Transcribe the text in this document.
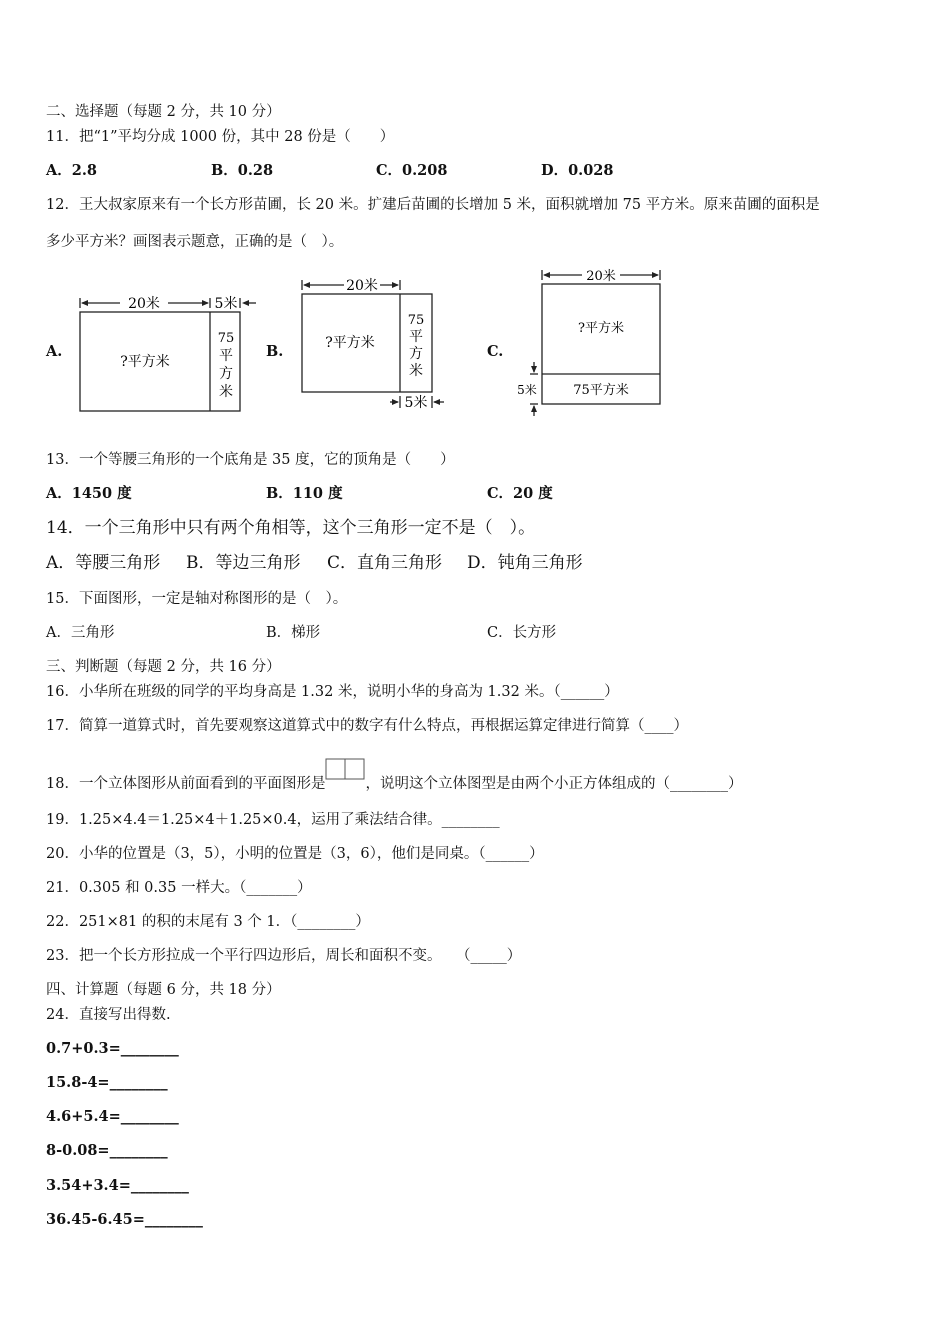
二、选择题（每题 2 分，共 10 分）
11．把“1”平均分成 1000 份，其中 28 份是（　　）
A．2.8	B．0.28	C．0.208	D．0.028
12．王大叔家原来有一个长方形苗圃，长 20 米。扩建后苗圃的长增加 5 米，面积就增加 75 平方米。原来苗圃的面积是
多少平方米？画图表示题意，正确的是（　）。
A.	B.	C.
20米	5米
?平方米
75
平
方
米
20米
5米
?平方米
75
平
方
米
20米
?平方米
75平方米
5米
13．一个等腰三角形的一个底角是 35 度，它的顶角是（　　）
A．1450 度	B．110 度	C．20 度
14．一个三角形中只有两个角相等，这个三角形一定不是（　）。
A．等腰三角形 B．等边三角形 C．直角三角形 D．钝角三角形
15．下面图形，一定是轴对称图形的是（　）。
A．三角形	B．梯形	C．长方形
三、判断题（每题 2 分，共 16 分）
16．小华所在班级的同学的平均身高是 1.32 米，说明小华的身高为 1.32 米。（______）
17．简算一道算式时，首先要观察这道算式中的数字有什么特点，再根据运算定律进行简算（____）
18．一个立体图形从前面看到的平面图形是	，说明这个立体图型是由两个小正方体组成的（________）
19．1.25×4.4＝1.25×4＋1.25×0.4，运用了乘法结合律。________
20．小华的位置是（3，5），小明的位置是（3，6），他们是同桌。（______）
21．0.305 和 0.35 一样大。（_______）
22．251×81 的积的末尾有 3 个 1．（________）
23．把一个长方形拉成一个平行四边形后，周长和面积不变。　　（_____）
四、计算题（每题 6 分，共 18 分）
24．直接写出得数.
0.7+0.3=________
15.8-4=________
4.6+5.4=________
8-0.08=________
3.54+3.4=________
36.45-6.45=________
